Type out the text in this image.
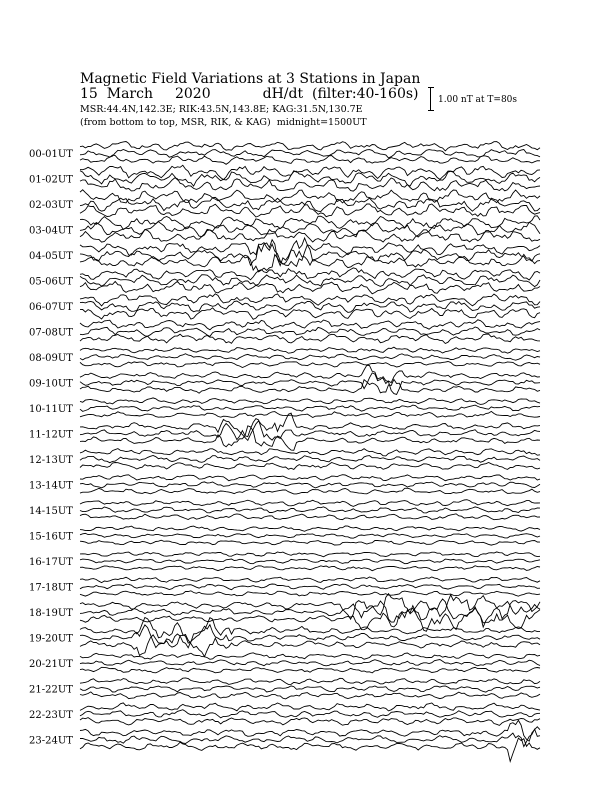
Magnetic Field Variations at 3 Stations in Japan
15 March 2020	dH/dt (filter:40-160s)
MSR:44.4N,142.3E; RIK:43.5N,143.8E; KAG:31.5N,130.7E
(from bottom to top, MSR, RIK, & KAG) midnight=1500UT
1.00 nT at T=80s
00-01UT
01-02UT
02-03UT
03-04UT
04-05UT
05-06UT
06-07UT
07-08UT
08-09UT
09-10UT
10-11UT
11-12UT
12-13UT
13-14UT
14-15UT
15-16UT
16-17UT
17-18UT
18-19UT
19-20UT
20-21UT
21-22UT
22-23UT
23-24UT
